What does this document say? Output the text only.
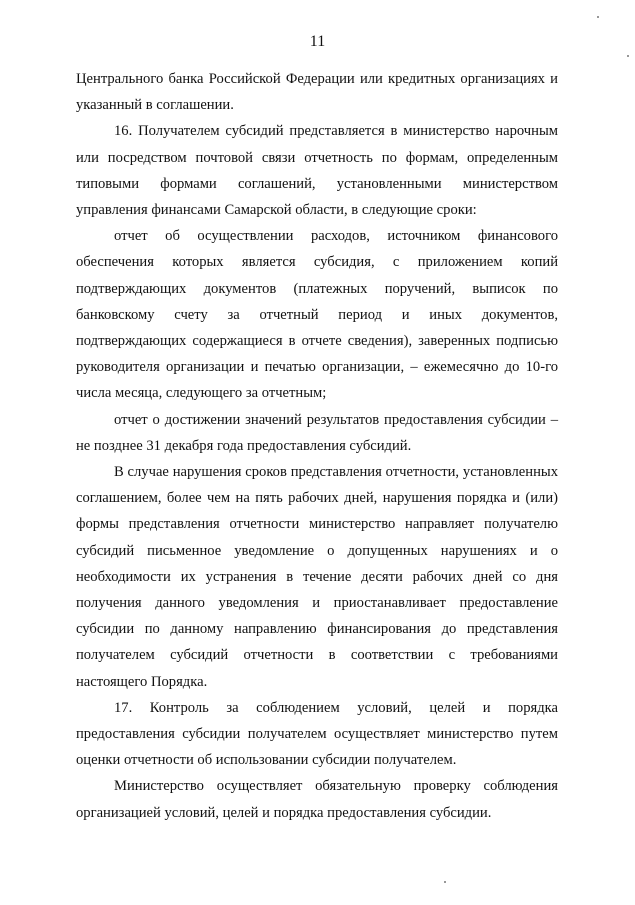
11

Центрального банка Российской Федерации или кредитных организациях и указанный в соглашении.

16. Получателем субсидий представляется в министерство нарочным или посредством почтовой связи отчетность по формам, определенным типовыми формами соглашений, установленными министерством управления финансами Самарской области, в следующие сроки:

отчет об осуществлении расходов, источником финансового обеспечения которых является субсидия, с приложением копий подтверждающих документов (платежных поручений, выписок по банковскому счету за отчетный период и иных документов, подтверждающих содержащиеся в отчете сведения), заверенных подписью руководителя организации и печатью организации, – ежемесячно до 10-го числа месяца, следующего за отчетным;

отчет о достижении значений результатов предоставления субсидии – не позднее 31 декабря года предоставления субсидий.

В случае нарушения сроков представления отчетности, установленных соглашением, более чем на пять рабочих дней, нарушения порядка и (или) формы представления отчетности министерство направляет получателю субсидий письменное уведомление о допущенных нарушениях и о необходимости их устранения в течение десяти рабочих дней со дня получения данного уведомления и приостанавливает предоставление субсидии по данному направлению финансирования до представления получателем субсидий отчетности в соответствии с требованиями настоящего Порядка.

17. Контроль за соблюдением условий, целей и порядка предоставления субсидии получателем осуществляет министерство путем оценки отчетности об использовании субсидии получателем.

Министерство осуществляет обязательную проверку соблюдения организацией условий, целей и порядка предоставления субсидии.
